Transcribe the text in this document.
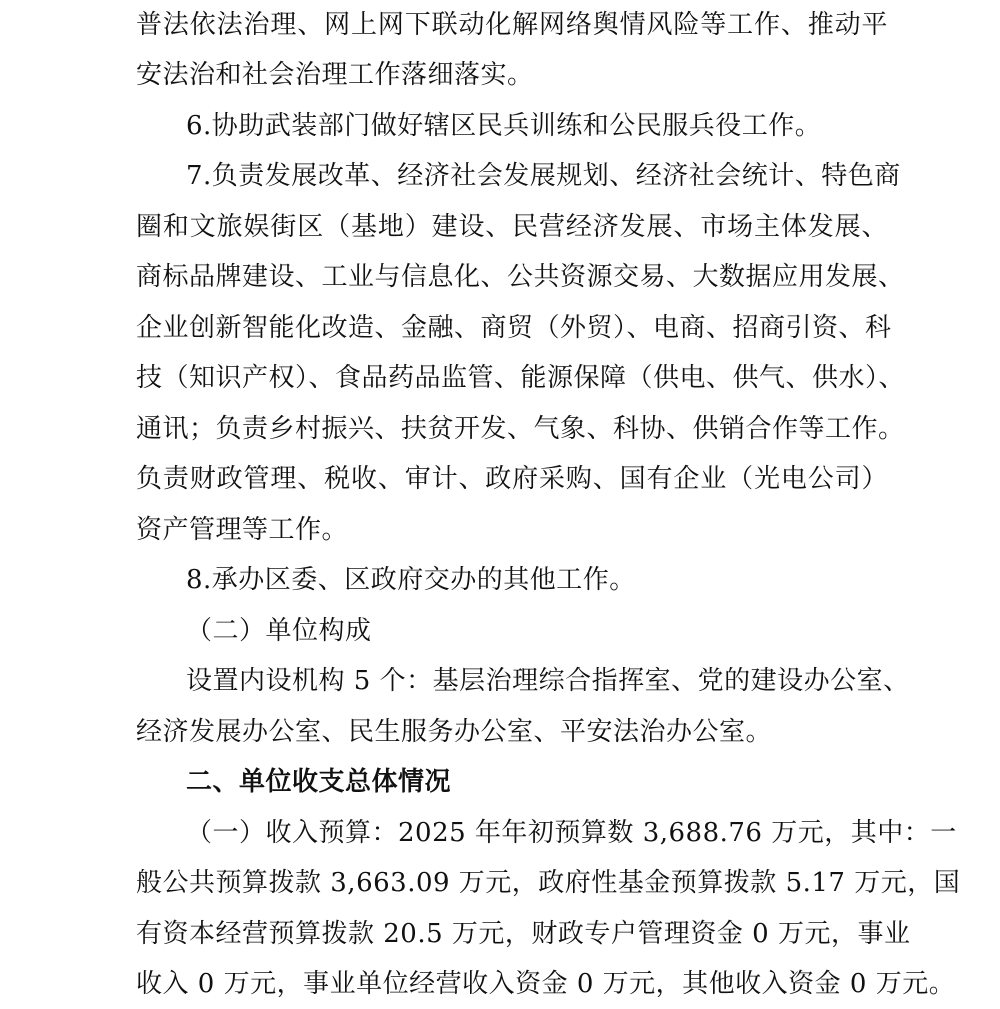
普法依法治理、网上网下联动化解网络舆情风险等工作、推动平
安法治和社会治理工作落细落实。
6.协助武装部门做好辖区民兵训练和公民服兵役工作。
7.负责发展改革、经济社会发展规划、经济社会统计、特色商
圈和文旅娱街区（基地）建设、民营经济发展、市场主体发展、
商标品牌建设、工业与信息化、公共资源交易、大数据应用发展、
企业创新智能化改造、金融、商贸（外贸）、电商、招商引资、科
技（知识产权）、食品药品监管、能源保障（供电、供气、供水）、
通讯；负责乡村振兴、扶贫开发、气象、科协、供销合作等工作。
负责财政管理、税收、审计、政府采购、国有企业（光电公司）
资产管理等工作。
8.承办区委、区政府交办的其他工作。
（二）单位构成
设置内设机构 5 个：基层治理综合指挥室、党的建设办公室、
经济发展办公室、民生服务办公室、平安法治办公室。
二、单位收支总体情况
（一）收入预算：2025 年年初预算数 3,688.76 万元，其中：一
般公共预算拨款 3,663.09 万元，政府性基金预算拨款 5.17 万元，国
有资本经营预算拨款 20.5 万元，财政专户管理资金 0 万元，事业
收入 0 万元，事业单位经营收入资金 0 万元，其他收入资金 0 万元。
